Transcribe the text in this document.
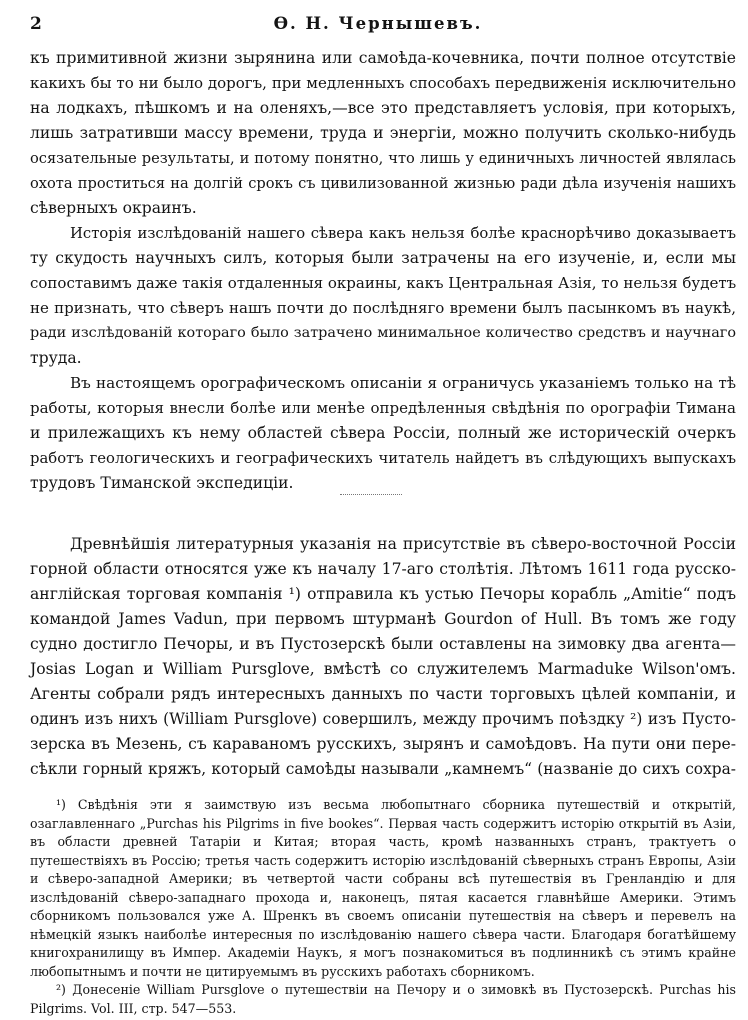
2	Ѳ. Н. Чернышевъ.

къ примитивной жизни зырянина или самоѣда-кочевника, почти полное отсутствіе
какихъ бы то ни было дорогъ, при медленныхъ способахъ передвиженія исключительно
на лодкахъ, пѣшкомъ и на оленяхъ,—все это представляетъ условія, при которыхъ,
лишь затративши массу времени, труда и энергіи, можно получить сколько-нибудь
осязательные результаты, и потому понятно, что лишь у единичныхъ личностей являлась
охота проститься на долгій срокъ съ цивилизованной жизнью ради дѣла изученія нашихъ
сѣверныхъ окраинъ.

Исторія изслѣдованій нашего сѣвера какъ нельзя болѣе краснорѣчиво доказываетъ
ту скудость научныхъ силъ, которыя были затрачены на его изученіе, и, если мы
сопоставимъ даже такія отдаленныя окраины, какъ Центральная Азія, то нельзя будетъ
не признать, что сѣверъ нашъ почти до послѣдняго времени былъ пасынкомъ въ наукѣ,
ради изслѣдованій котораго было затрачено минимальное количество средствъ и научнаго
труда.

Въ настоящемъ орографическомъ описаніи я ограничусь указаніемъ только на тѣ
работы, которыя внесли болѣе или менѣе опредѣленныя свѣдѣнія по орографіи Тимана
и прилежащихъ къ нему областей сѣвера Россіи, полный же историческій очеркъ
работъ геологическихъ и географическихъ читатель найдетъ въ слѣдующихъ выпускахъ
трудовъ Тиманской экспедиціи.

Древнѣйшія литературныя указанія на присутствіе въ сѣверо-восточной Россіи
горной области относятся уже къ началу 17-аго столѣтія. Лѣтомъ 1611 года русско-
англійская торговая компанія ¹) отправила къ устью Печоры корабль „Amitie“ подъ
командой James Vadun, при первомъ штурманѣ Gourdon of Hull. Въ томъ же году
судно достигло Печоры, и въ Пустозерскѣ были оставлены на зимовку два агента—
Josias Logan и William Pursglove, вмѣстѣ со служителемъ Marmaduke Wilson'омъ.
Агенты собрали рядъ интересныхъ данныхъ по части торговыхъ цѣлей компаніи, и
одинъ изъ нихъ (William Pursglove) совершилъ, между прочимъ поѣздку ²) изъ Пусто-
зерска въ Мезень, съ караваномъ русскихъ, зырянъ и самоѣдовъ. На пути они пере-
сѣкли горный кряжъ, который самоѣды называли „камнемъ“ (названіе до сихъ сохра-

¹) Свѣдѣнія эти я заимствую изъ весьма любопытнаго сборника путешествій и открытій, озаглавленнаго „Purchas his Pilgrims in five bookes“. Первая часть содержитъ исторію открытій въ Азіи, въ области древней Татаріи и Китая; вторая часть, кромѣ названныхъ странъ, трактуетъ о путешествіяхъ въ Россію; третья часть содержитъ исторію изслѣдованій сѣверныхъ странъ Европы, Азіи и сѣверо-западной Америки; въ четвертой части собраны всѣ путешествія въ Гренландію и для изслѣдованій сѣверо-западнаго прохода и, наконецъ, пятая касается главнѣйше Америки. Этимъ сборникомъ пользовался уже А. Шренкъ въ своемъ описаніи путешествія на сѣверъ и перевелъ на нѣмецкій языкъ наиболѣе интересныя по изслѣдованію нашего сѣвера части. Благодаря богатѣйшему книгохранилищу въ Импер. Академіи Наукъ, я могъ познакомиться въ подлинникѣ съ этимъ крайне любопытнымъ и почти не цитируемымъ въ русскихъ работахъ сборникомъ.

²) Донесеніе William Pursglove о путешествіи на Печору и о зимовкѣ въ Пустозерскѣ. Purchas his Pilgrims. Vol. III, стр. 547—553.
